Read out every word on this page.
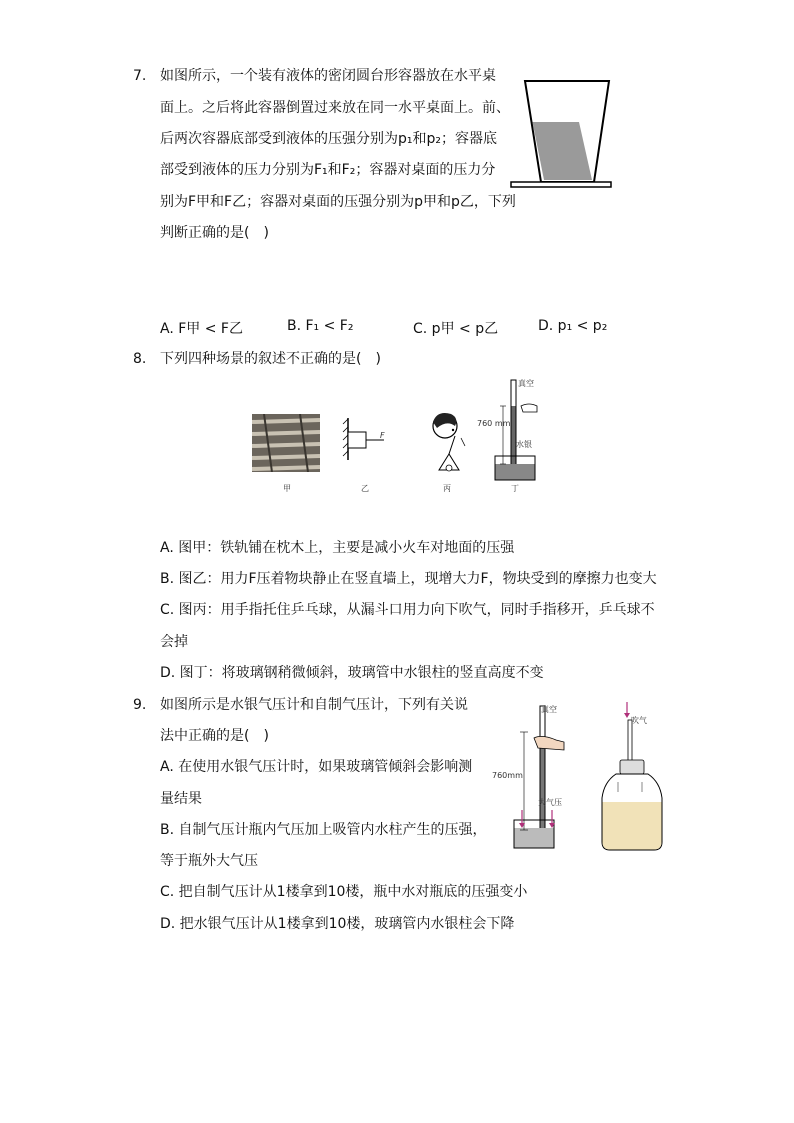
7. 如图所示，一个装有液体的密闭圆台形容器放在水平桌
面上。之后将此容器倒置过来放在同一水平桌面上。前、
后两次容器底部受到液体的压强分别为p₁和p₂；容器底
部受到液体的压力分别为F₁和F₂；容器对桌面的压力分
别为F甲和F乙；容器对桌面的压强分别为p甲和p乙，下列
判断正确的是(　)
A. F甲 < F乙	B. F₁ < F₂	C. p甲 < p乙	D. p₁ < p₂
8. 下列四种场景的叙述不正确的是(　)
甲
F
乙	丙
真空
760 mm
水银
丁
A. 图甲：铁轨铺在枕木上，主要是减小火车对地面的压强
B. 图乙：用力F压着物块静止在竖直墙上，现增大力F，物块受到的摩擦力也变大
C. 图丙：用手指托住乒乓球，从漏斗口用力向下吹气，同时手指移开，乒乓球不
会掉
D. 图丁：将玻璃钢稍微倾斜，玻璃管中水银柱的竖直高度不变
9. 如图所示是水银气压计和自制气压计，下列有关说
法中正确的是(　)
A. 在使用水银气压计时，如果玻璃管倾斜会影响测
量结果
B. 自制气压计瓶内气压加上吸管内水柱产生的压强，
等于瓶外大气压
C. 把自制气压计从1楼拿到10楼，瓶中水对瓶底的压强变小
D. 把水银气压计从1楼拿到10楼，玻璃管内水银柱会下降
真空
760mm
大气压
吹气
